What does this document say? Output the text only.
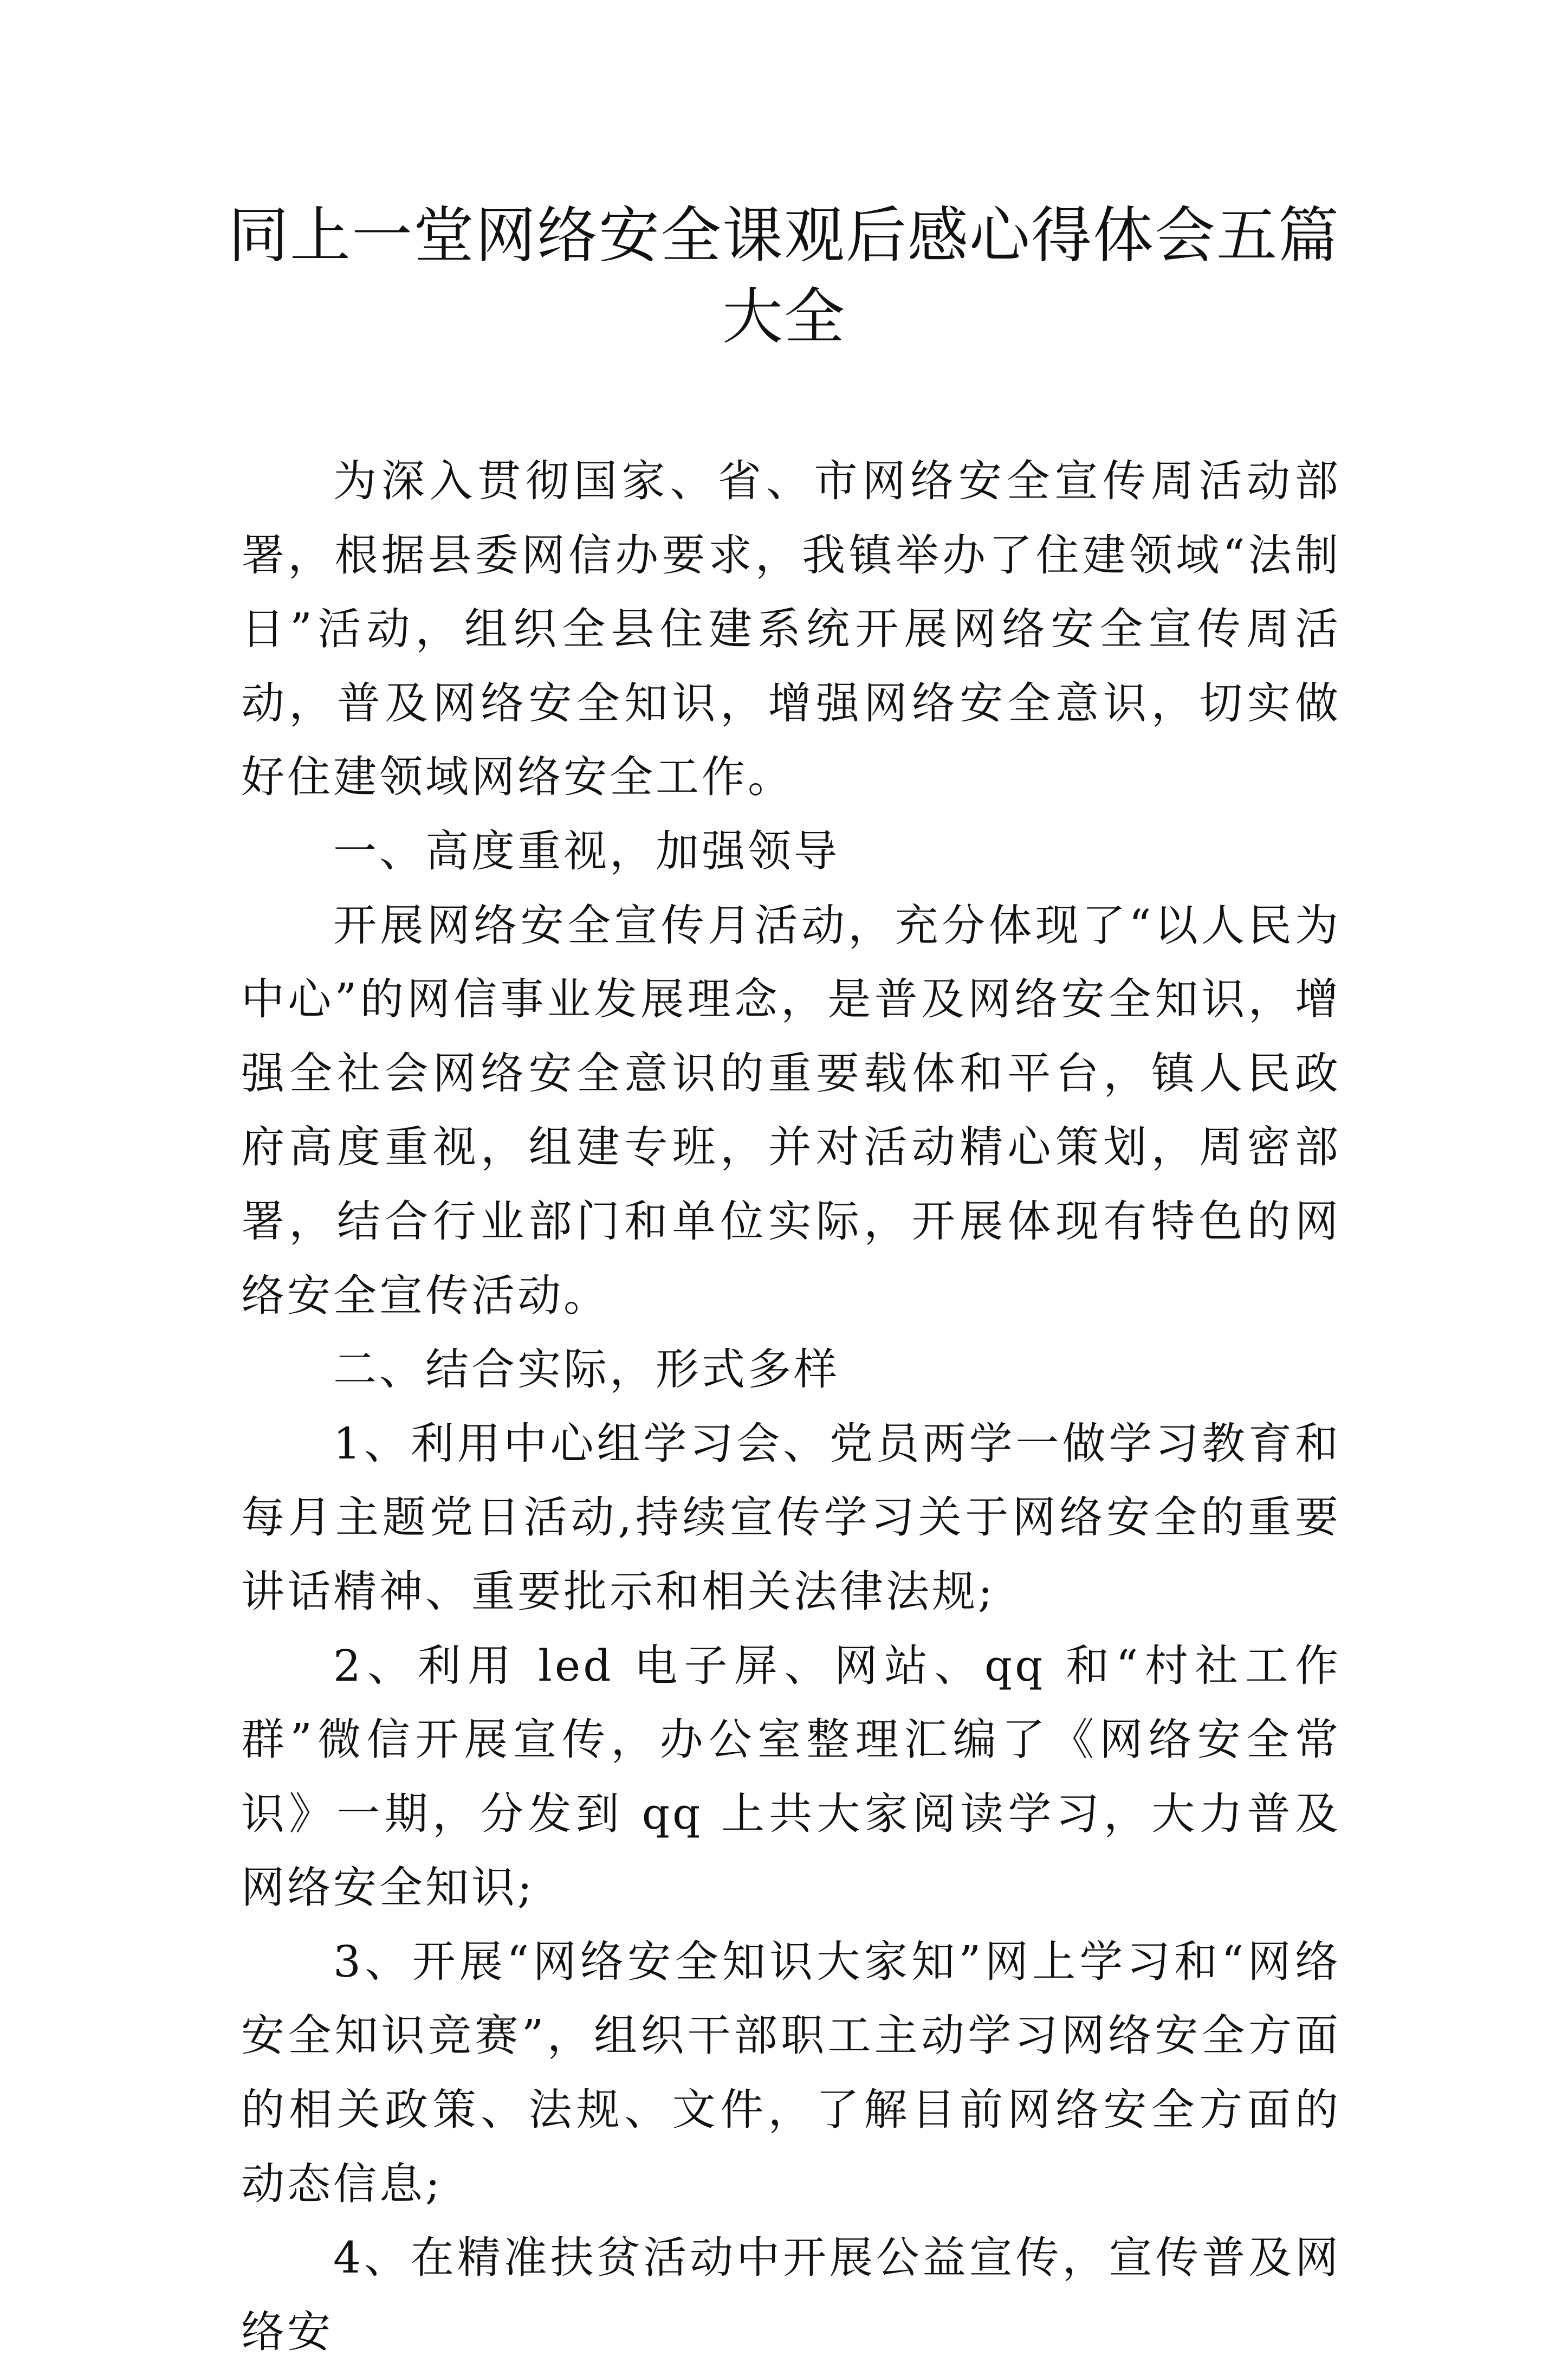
同上一堂网络安全课观后感心得体会五篇
大全

为深入贯彻国家、省、市网络安全宣传周活动部署，根据县委网信办要求，我镇举办了住建领域“法制日”活动，组织全县住建系统开展网络安全宣传周活动，普及网络安全知识，增强网络安全意识，切实做好住建领域网络安全工作。

一、高度重视，加强领导

开展网络安全宣传月活动，充分体现了“以人民为中心”的网信事业发展理念，是普及网络安全知识，增强全社会网络安全意识的重要载体和平台，镇人民政府高度重视，组建专班，并对活动精心策划，周密部署，结合行业部门和单位实际，开展体现有特色的网络安全宣传活动。

二、结合实际，形式多样

1、利用中心组学习会、党员两学一做学习教育和每月主题党日活动,持续宣传学习关于网络安全的重要讲话精神、重要批示和相关法律法规;

2、利用 led 电子屏、网站、qq 和“村社工作群”微信开展宣传，办公室整理汇编了《网络安全常识》一期，分发到 qq 上共大家阅读学习，大力普及网络安全知识;

3、开展“网络安全知识大家知”网上学习和“网络安全知识竞赛”，组织干部职工主动学习网络安全方面的相关政策、法规、文件，了解目前网络安全方面的动态信息;

4、在精准扶贫活动中开展公益宣传，宣传普及网络安
